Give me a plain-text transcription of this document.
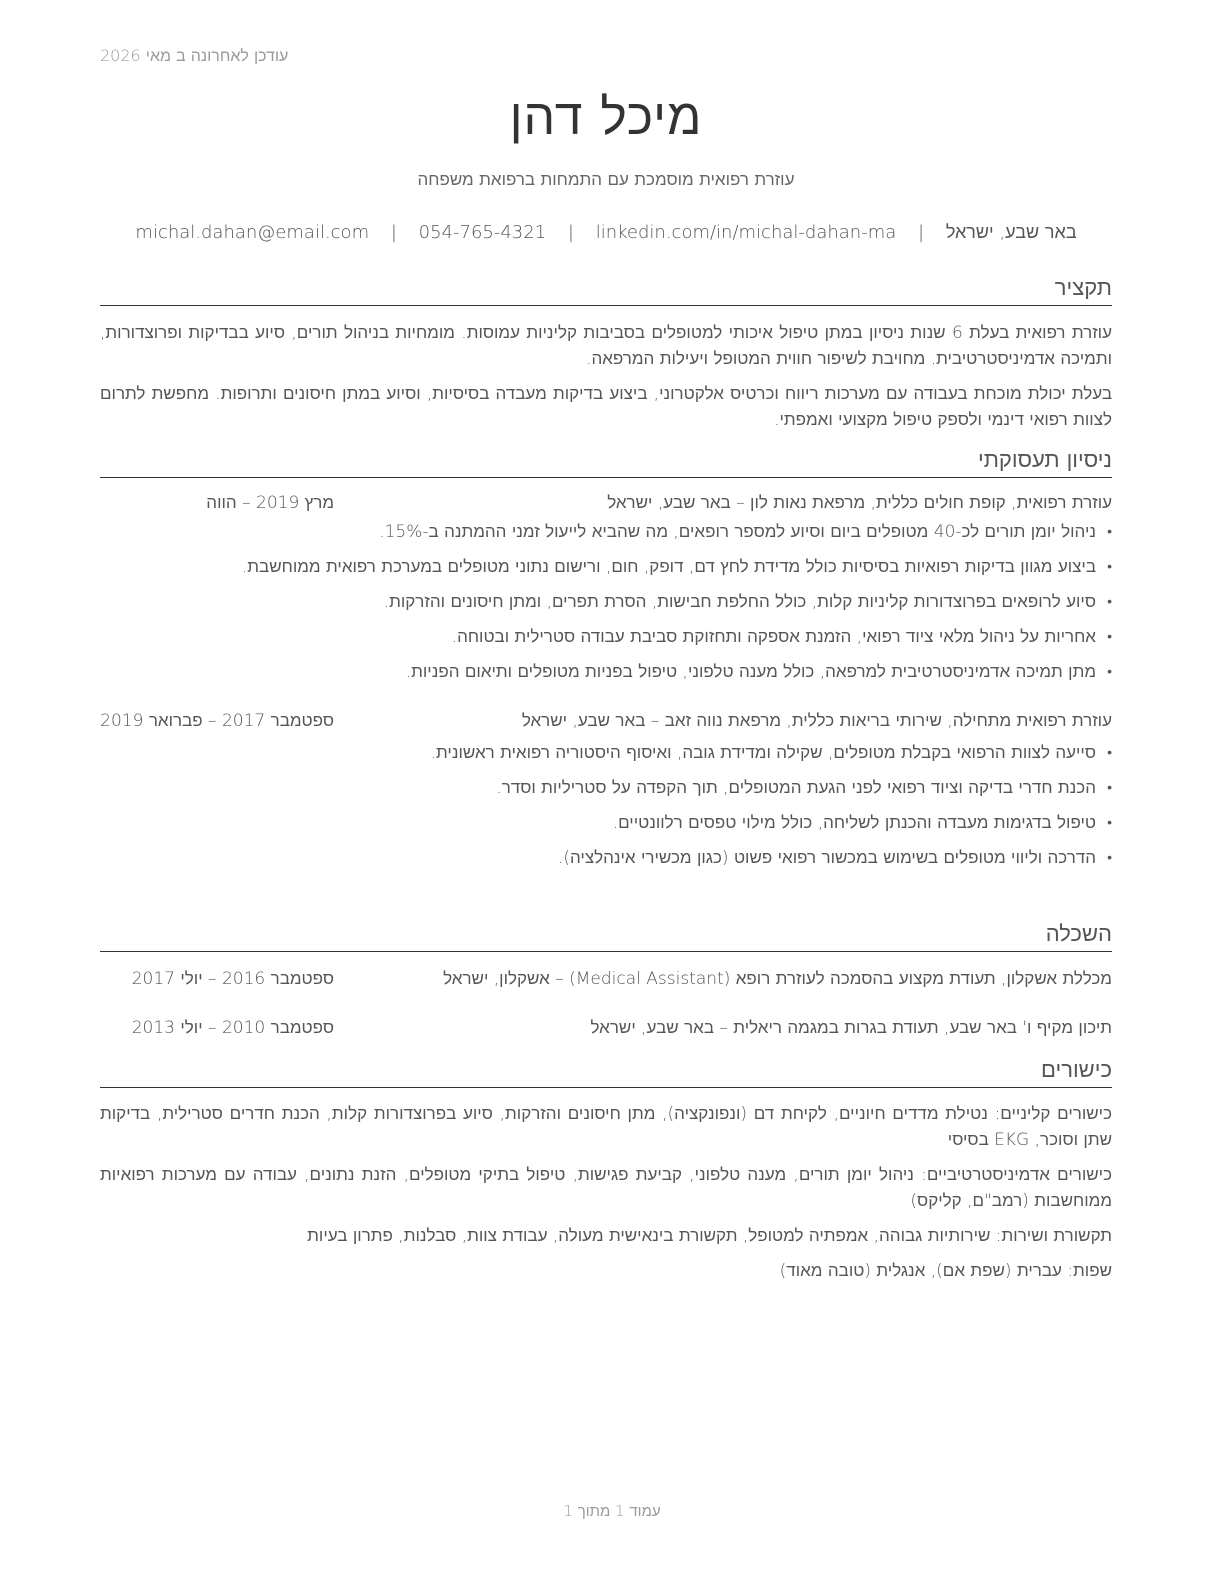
עודכן לאחרונה ב מאי 2026
מיכל דהן
עוזרת רפואית מוסמכת עם התמחות ברפואת משפחה
באר שבע, ישראל | michal.dahan@email.com | 054-765-4321 | linkedin.com/in/michal-dahan-ma
תקציר

עוזרת רפואית בעלת 6 שנות ניסיון במתן טיפול איכותי למטופלים בסביבות קליניות עמוסות. מומחיות בניהול תורים, סיוע בבדיקות ופרוצדורות, ותמיכה אדמיניסטרטיבית. מחויבת לשיפור חווית המטופל ויעילות המרפאה.

בעלת יכולת מוכחת בעבודה עם מערכות ריווח וכרטיס אלקטרוני, ביצוע בדיקות מעבדה בסיסיות, וסיוע במתן חיסונים ותרופות. מחפשת לתרום לצוות רפואי דינמי ולספק טיפול מקצועי ואמפתי.

ניסיון תעסוקתי
עוזרת רפואית, קופת חולים כללית, מרפאת נאות לון – באר שבע, ישראל
מרץ 2019 – הווה
• ניהול יומן תורים לכ-40 מטופלים ביום וסיוע למספר רופאים, מה שהביא לייעול זמני ההמתנה ב-15%.
• ביצוע מגוון בדיקות רפואיות בסיסיות כולל מדידת לחץ דם, דופק, חום, ורישום נתוני מטופלים במערכת רפואית ממוחשבת.
• סיוע לרופאים בפרוצדורות קליניות קלות, כולל החלפת חבישות, הסרת תפרים, ומתן חיסונים והזרקות.
• אחריות על ניהול מלאי ציוד רפואי, הזמנת אספקה ותחזוקת סביבת עבודה סטרילית ובטוחה.
• מתן תמיכה אדמיניסטרטיבית למרפאה, כולל מענה טלפוני, טיפול בפניות מטופלים ותיאום הפניות.
עוזרת רפואית מתחילה, שירותי בריאות כללית, מרפאת נווה זאב – באר שבע, ישראל
ספטמבר 2017 – פברואר 2019
• סייעה לצוות הרפואי בקבלת מטופלים, שקילה ומדידת גובה, ואיסוף היסטוריה רפואית ראשונית.
• הכנת חדרי בדיקה וציוד רפואי לפני הגעת המטופלים, תוך הקפדה על סטריליות וסדר.
• טיפול בדגימות מעבדה והכנתן לשליחה, כולל מילוי טפסים רלוונטיים.
• הדרכה וליווי מטופלים בשימוש במכשור רפואי פשוט (כגון מכשירי אינהלציה).
השכלה
מכללת אשקלון, תעודת מקצוע בהסמכה לעוזרת רופא (Medical Assistant) – אשקלון, ישראל
ספטמבר 2016 – יולי 2017
תיכון מקיף ו' באר שבע, תעודת בגרות במגמה ריאלית – באר שבע, ישראל
ספטמבר 2010 – יולי 2013
כישורים

כישורים קליניים: נטילת מדדים חיוניים, לקיחת דם (ונפונקציה), מתן חיסונים והזרקות, סיוע בפרוצדורות קלות, הכנת חדרים סטרילית, בדיקות שתן וסוכר, EKG בסיסי

כישורים אדמיניסטרטיביים: ניהול יומן תורים, מענה טלפוני, קביעת פגישות, טיפול בתיקי מטופלים, הזנת נתונים, עבודה עם מערכות רפואיות ממוחשבות (רמב"ם, קליקס)

תקשורת ושירות: שירותיות גבוהה, אמפתיה למטופל, תקשורת בינאישית מעולה, עבודת צוות, סבלנות, פתרון בעיות

שפות: עברית (שפת אם), אנגלית (טובה מאוד)

עמוד 1 מתוך 1
